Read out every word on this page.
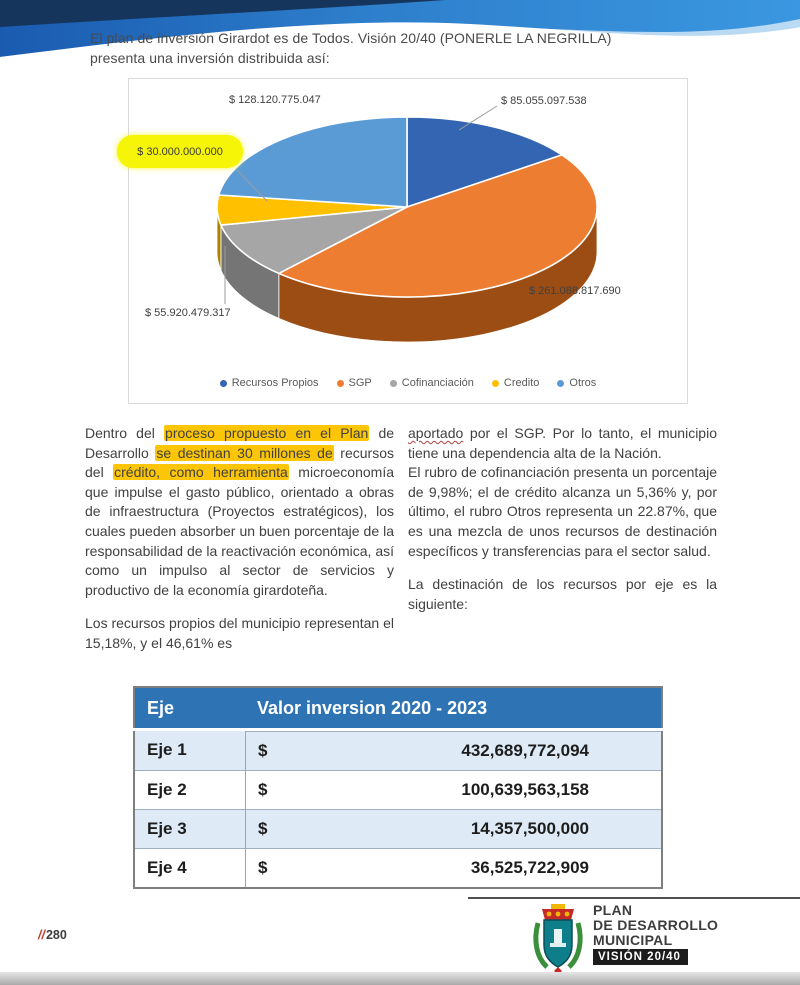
El plan de inversión Girardot es de Todos. Visión 20/40 (PONERLE LA NEGRILLA)
presenta una inversión distribuida así:
Recursos Propios	SGP	Cofinanciación	Credito	Otros
$ 128.120.775.047	$ 85.055.097.538
$ 261.088.817.690
$ 55.920.479.317
$ 30.000.000.000

Dentro del proceso propuesto en el Plan de Desarrollo se destinan 30 millones de recursos del crédito, como herramienta microeconomía que impulse el gasto público, orientado a obras de infraestructura (Proyectos estratégicos), los cuales pueden absorber un buen porcentaje de la responsabilidad de la reactivación económica, así como un impulso al sector de servicios y productivo de la economía girardoteña.

Los recursos propios del municipio representan el 15,18%, y el 46,61% es

aportado por el SGP. Por lo tanto, el municipio tiene una dependencia alta de la Nación.

El rubro de cofinanciación presenta un porcentaje de 9,98%; el de crédito alcanza un 5,36% y, por último, el rubro Otros representa un 22.87%, que es una mezcla de unos recursos de destinación específicos y transferencias para el sector salud.

La destinación de los recursos por eje es la siguiente:

Eje	Valor inversion 2020 - 2023
Eje 1		$	432,689,772,094

Eje 2		$	100,639,563,158

Eje 3		$	14,357,500,000

Eje 4		$	36,525,722,909
//280
PLAN
DE DESARROLLO
MUNICIPAL
VISIÓN 20/40
